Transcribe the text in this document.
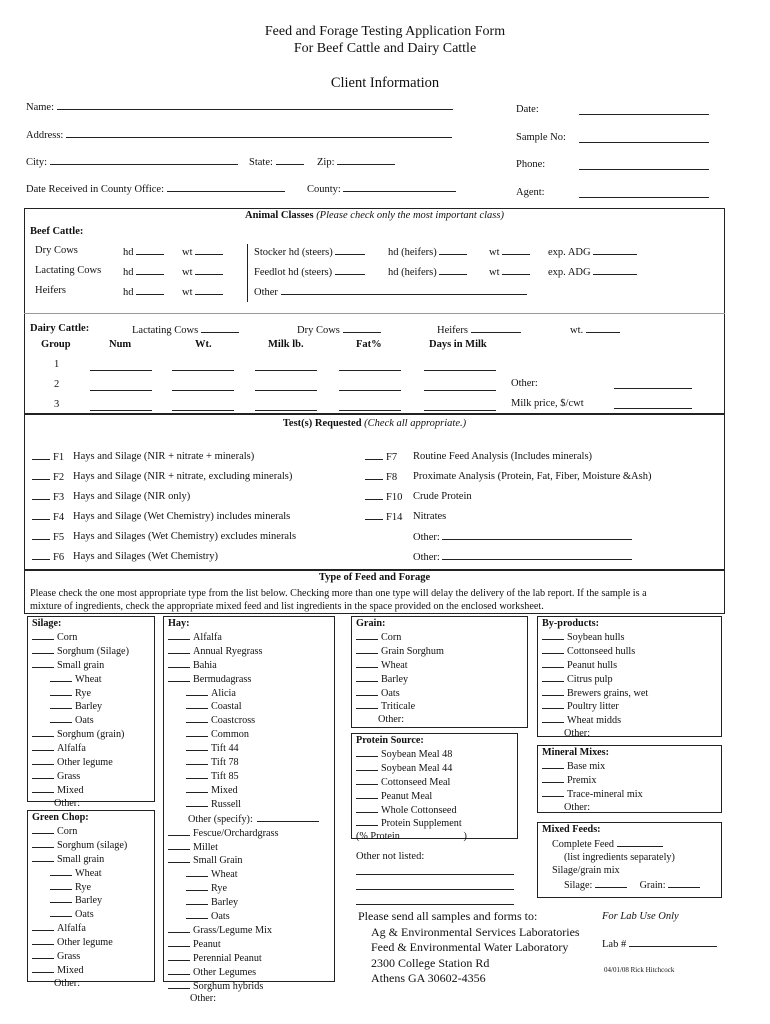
Feed and Forage Testing Application Form
For Beef Cattle and Dairy Cattle
Client Information
Name:
Address:
City:	State:	Zip:
Date Received in County Office:	County:
Date:
Sample No:
Phone:
Agent:
Animal Classes (Please check only the most important class)
Beef Cattle:
Dry Cows	hd	wt
Lactating Cows hd	wt
Heifers	hd	wt
Stocker hd (steers)	hd (heifers)	wt	exp. ADG
Feedlot hd (steers)	hd (heifers)	wt	exp. ADG
Other
Dairy Cattle:	Lactating Cows	Dry Cows	Heifers	wt.
Group	Num	Wt.	Milk lb.	Fat%	Days in Milk
1
2
3
Other:
Milk price, $/cwt
Test(s) Requested (Check all appropriate.)
F1 Hays and Silage (NIR + nitrate + minerals)
F2 Hays and Silage (NIR + nitrate, excluding minerals)
F3 Hays and Silage (NIR only)
F4 Hays and Silage (Wet Chemistry) includes minerals
F5 Hays and Silages (Wet Chemistry) excludes minerals
F6 Hays and Silages (Wet Chemistry)
F7 Routine Feed Analysis (Includes minerals)
F8 Proximate Analysis (Protein, Fat, Fiber, Moisture &Ash)
F10 Crude Protein
F14 Nitrates
Other:
Other:
Type of Feed and Forage
Please check the one most appropriate type from the list below. Checking more than one type will delay the delivery of the lab report. If the sample is a
mixture of ingredients, check the appropriate mixed feed and list ingredients in the space provided on the enclosed worksheet.
Silage:
Corn
Sorghum (Silage)
Small grain
Wheat
Rye
Barley
Oats
Sorghum (grain)
Alfalfa
Other legume
Grass
Mixed
Other:
Green Chop:
Corn
Sorghum (silage)
Small grain
Wheat
Rye
Barley
Oats
Alfalfa
Other legume
Grass
Mixed
Other:
Hay:
Alfalfa
Annual Ryegrass
Bahia
Bermudagrass
Alicia
Coastal
Coastcross
Common
Tift 44
Tift 78
Tift 85
Mixed
Russell
Other (specify):
Fescue/Orchardgrass
Millet
Small Grain
Wheat
Rye
Barley
Oats
Grass/Legume Mix
Peanut
Perennial Peanut
Other Legumes
Sorghum hybrids
Other:
Grain:
Corn
Grain Sorghum
Wheat
Barley
Oats
Triticale
Other:
Protein Source:
Soybean Meal 48
Soybean Meal 44
Cottonseed Meal
Peanut Meal
Whole Cottonseed
Protein Supplement
(% Protein                         )
Other not listed:
By-products:
Soybean hulls
Cottonseed hulls
Peanut hulls
Citrus pulp
Brewers grains, wet
Poultry litter
Wheat midds
Other:
Mineral Mixes:
Base mix
Premix
Trace-mineral mix
Other:
Mixed Feeds:
Complete Feed
(list ingredients separately)
Silage/grain mix
Silage:	Grain:
Please send all samples and forms to:
Ag & Environmental Services Laboratories
Feed & Environmental Water Laboratory
2300 College Station Rd
Athens GA 30602-4356
For Lab Use Only
Lab #
04/01/08 Rick Hitchcock
